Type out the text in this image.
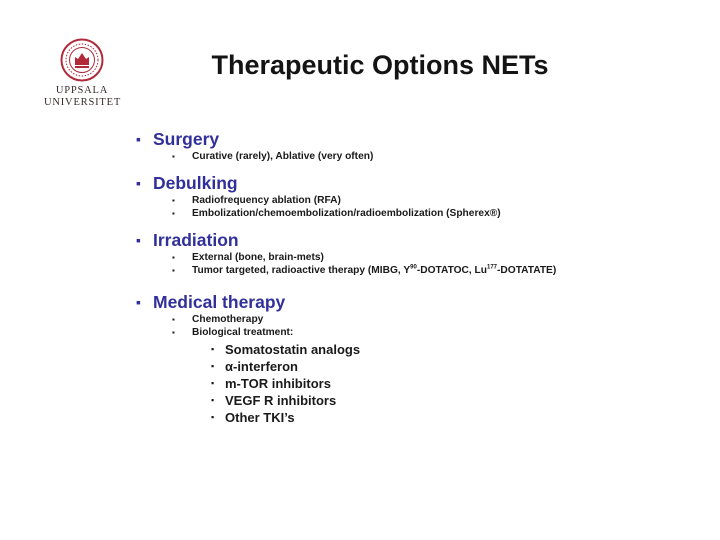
UPPSALA
UNIVERSITET
Therapeutic Options NETs
▪ Surgery
▪ Curative (rarely), Ablative (very often)
▪ Debulking
▪ Radiofrequency ablation (RFA)
▪ Embolization/chemoembolization/radioembolization (Spherex®)
▪ Irradiation
▪ External (bone, brain-mets)
▪ Tumor targeted, radioactive therapy (MIBG, $Y^{90}$-DOTATOC, Lu$^{177}$-DOTATATE)
▪ Medical therapy
▪ Chemotherapy
▪ Biological treatment:
▪ Somatostatin analogs
▪ α-interferon
▪ m-TOR inhibitors
▪ VEGF R inhibitors
▪ Other TKI’s
